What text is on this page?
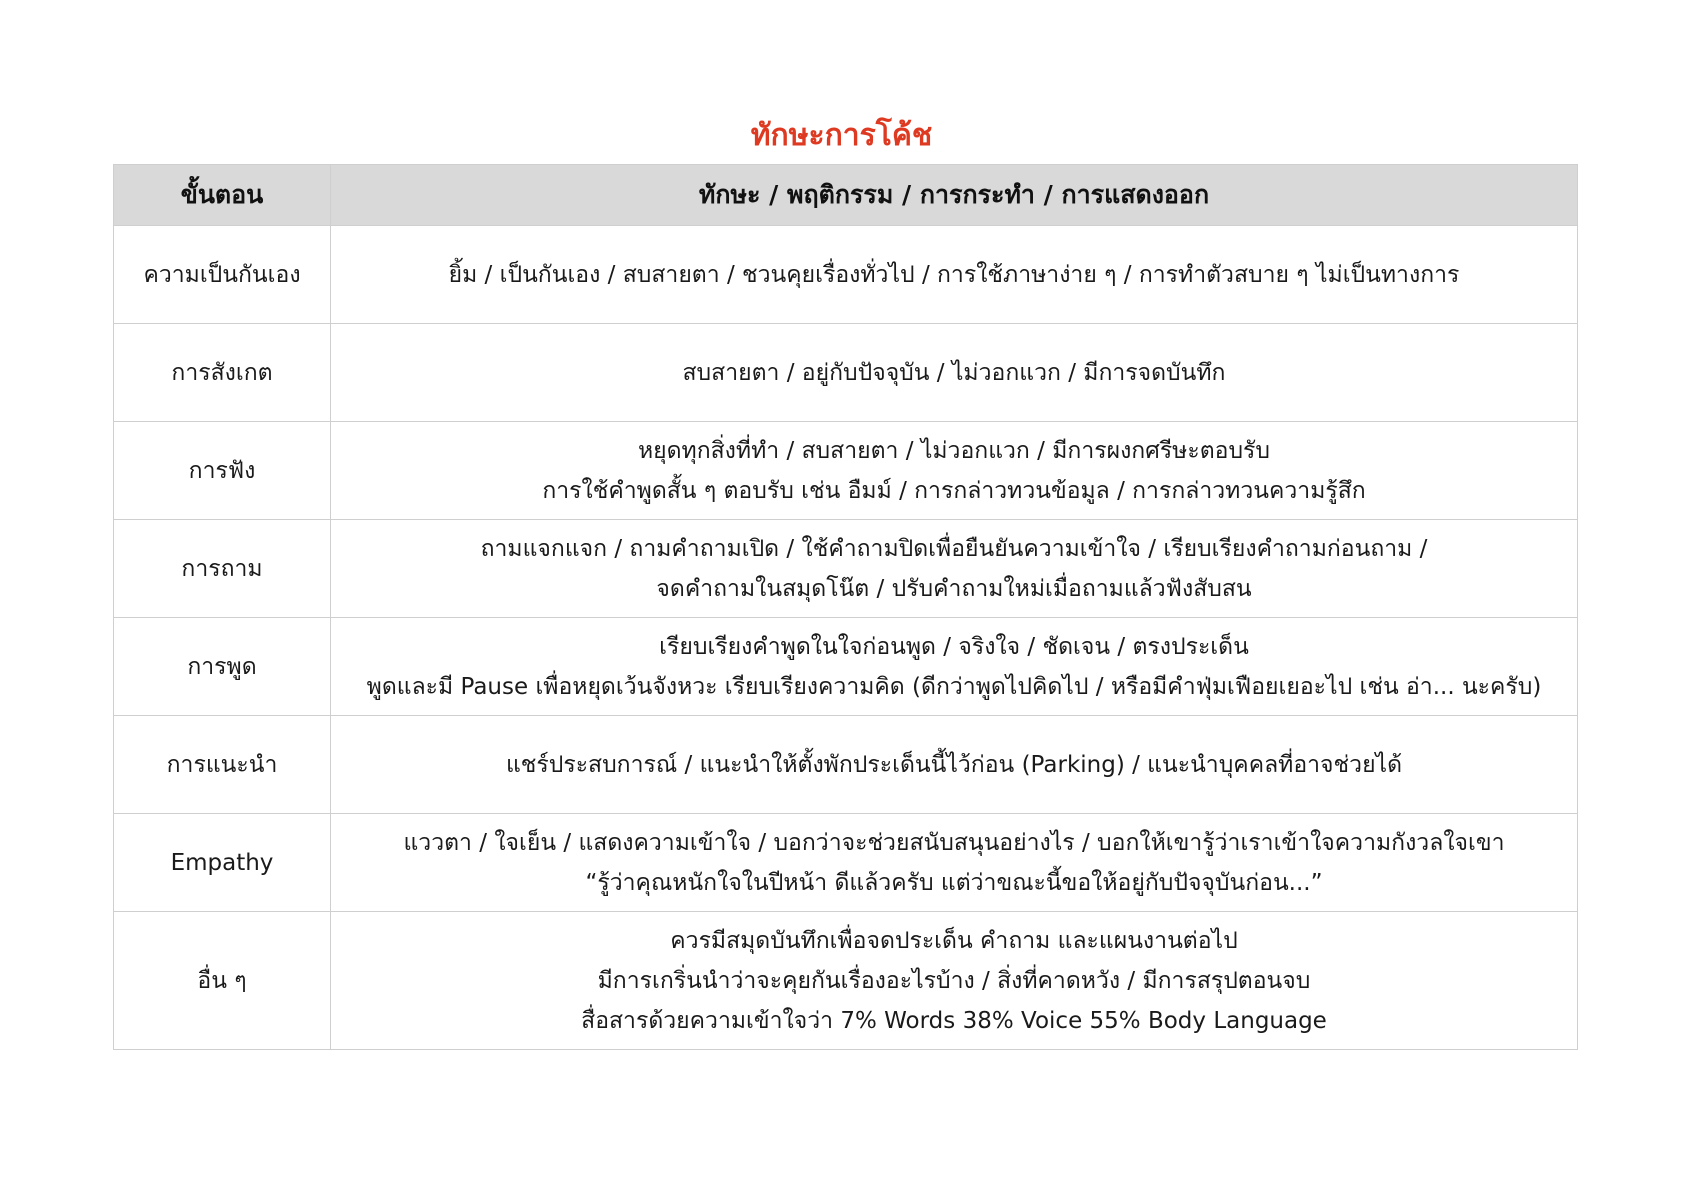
ทักษะการโค้ช
ขั้นตอน	ทักษะ / พฤติกรรม / การกระทำ / การแสดงออก
ความเป็นกันเอง	ยิ้ม / เป็นกันเอง / สบสายตา / ชวนคุยเรื่องทั่วไป / การใช้ภาษาง่าย ๆ / การทำตัวสบาย ๆ ไม่เป็นทางการ

การสังเกต	สบสายตา / อยู่กับปัจจุบัน / ไม่วอกแวก / มีการจดบันทึก

การฟัง	หยุดทุกสิ่งที่ทำ / สบสายตา / ไม่วอกแวก / มีการผงกศรีษะตอบรับ
การใช้คำพูดสั้น ๆ ตอบรับ เช่น อืมม์ / การกล่าวทวนข้อมูล / การกล่าวทวนความรู้สึก

การถาม	ถามแจกแจก / ถามคำถามเปิด / ใช้คำถามปิดเพื่อยืนยันความเข้าใจ / เรียบเรียงคำถามก่อนถาม /
จดคำถามในสมุดโน๊ต / ปรับคำถามใหม่เมื่อถามแล้วฟังสับสน

การพูด	เรียบเรียงคำพูดในใจก่อนพูด / จริงใจ / ชัดเจน / ตรงประเด็น
พูดและมี Pause เพื่อหยุดเว้นจังหวะ เรียบเรียงความคิด (ดีกว่าพูดไปคิดไป / หรือมีคำฟุ่มเฟือยเยอะไป เช่น อ่า... นะครับ)

การแนะนำ	แชร์ประสบการณ์ / แนะนำให้ตั้งพักประเด็นนี้ไว้ก่อน (Parking) / แนะนำบุคคลที่อาจช่วยได้

Empathy	แววตา / ใจเย็น / แสดงความเข้าใจ / บอกว่าจะช่วยสนับสนุนอย่างไร / บอกให้เขารู้ว่าเราเข้าใจความกังวลใจเขา
“รู้ว่าคุณหนักใจในปีหน้า ดีแล้วครับ แต่ว่าขณะนี้ขอให้อยู่กับปัจจุบันก่อน...”

อื่น ๆ	ควรมีสมุดบันทึกเพื่อจดประเด็น คำถาม และแผนงานต่อไป
มีการเกริ่นนำว่าจะคุยกันเรื่องอะไรบ้าง / สิ่งที่คาดหวัง / มีการสรุปตอนจบ
สื่อสารด้วยความเข้าใจว่า 7% Words 38% Voice 55% Body Language
